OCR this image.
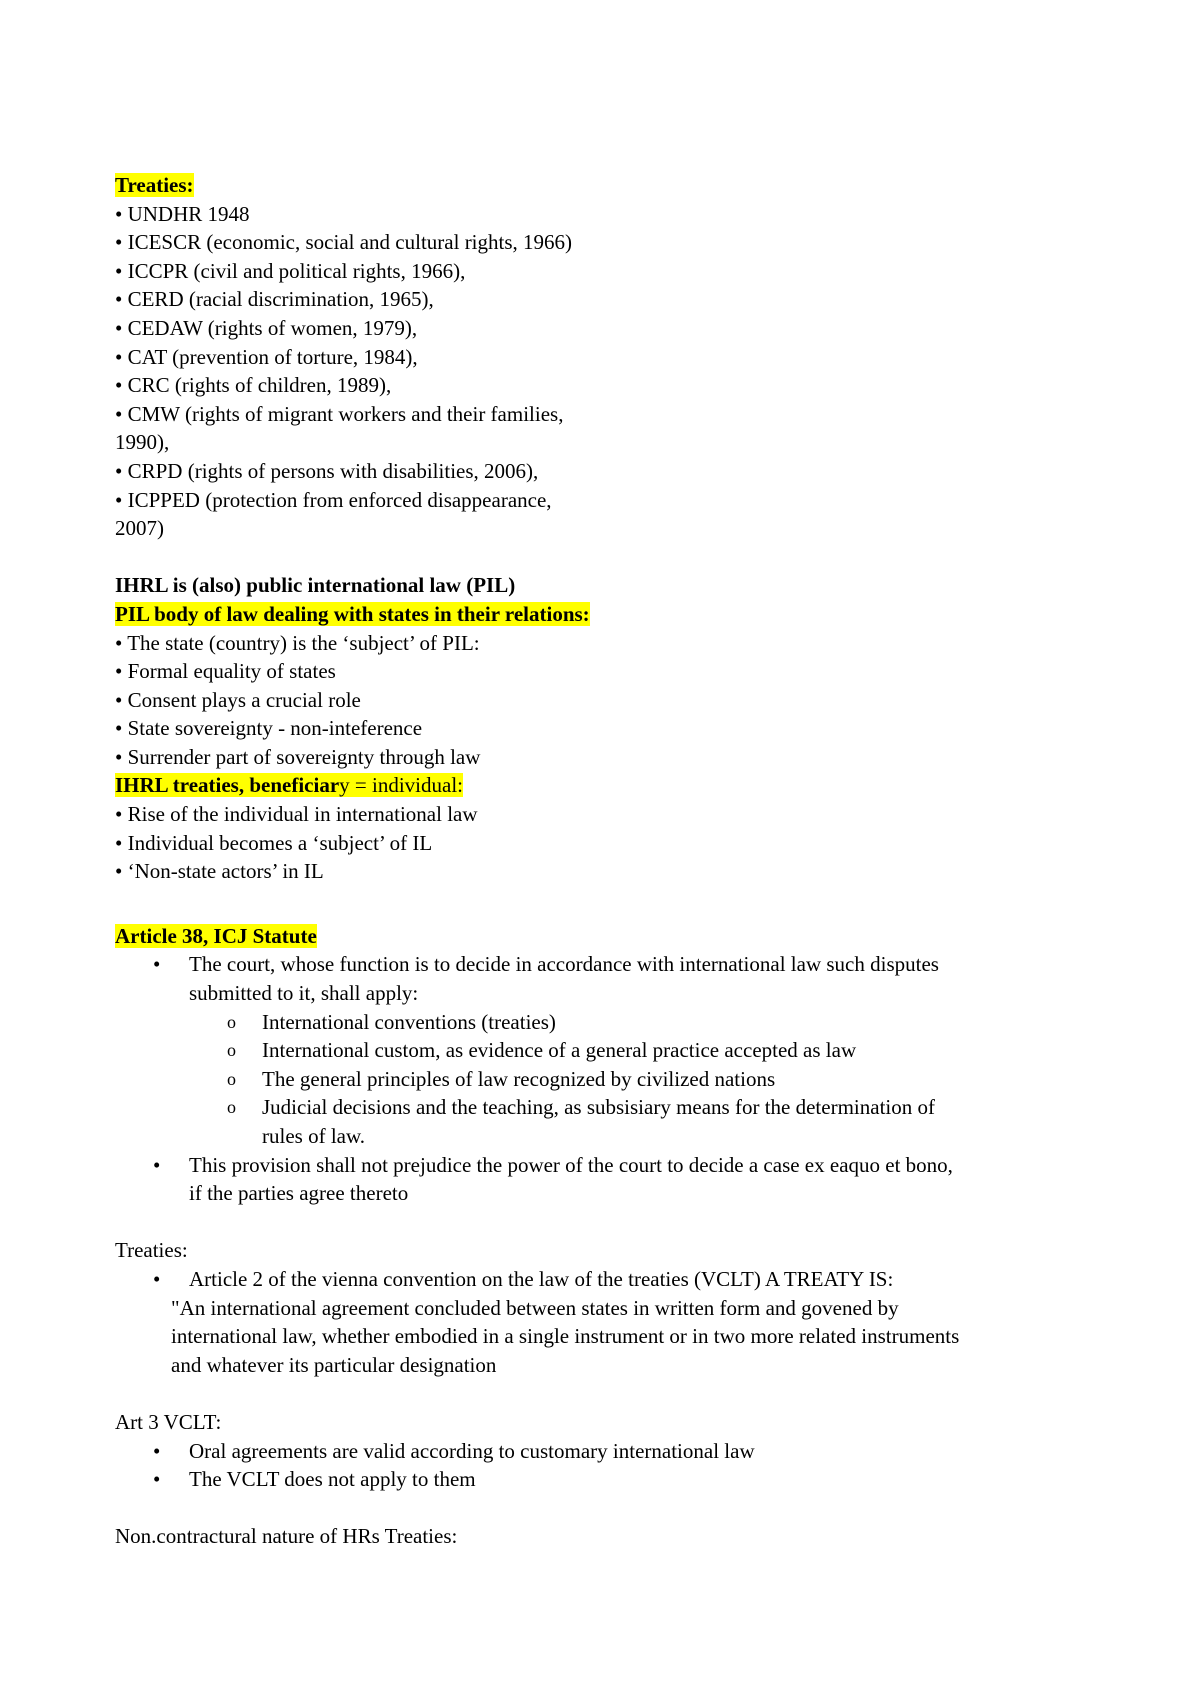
Treaties:
• UNDHR 1948
• ICESCR (economic, social and cultural rights, 1966)
• ICCPR (civil and political rights, 1966),
• CERD (racial discrimination, 1965),
• CEDAW (rights of women, 1979),
• CAT (prevention of torture, 1984),
• CRC (rights of children, 1989),
• CMW (rights of migrant workers and their families,
1990),
• CRPD (rights of persons with disabilities, 2006),
• ICPPED (protection from enforced disappearance,
2007)
IHRL is (also) public international law (PIL)
PIL body of law dealing with states in their relations:
• The state (country) is the ‘subject’ of PIL:
• Formal equality of states
• Consent plays a crucial role
• State sovereignty - non-inteference
• Surrender part of sovereignty through law
IHRL treaties, beneficiary = individual:
• Rise of the individual in international law
• Individual becomes a ‘subject’ of IL
• ‘Non-state actors’ in IL
Article 38, ICJ Statute
• The court, whose function is to decide in accordance with international law such disputes
submitted to it, shall apply:
o International conventions (treaties)
o International custom, as evidence of a general practice accepted as law
o The general principles of law recognized by civilized nations
o Judicial decisions and the teaching, as subsisiary means for the determination of
rules of law.
• This provision shall not prejudice the power of the court to decide a case ex eaquo et bono,
if the parties agree thereto
Treaties:
• Article 2 of the vienna convention on the law of the treaties (VCLT) A TREATY IS:
"An international agreement concluded between states in written form and govened by
international law, whether embodied in a single instrument or in two more related instruments
and whatever its particular designation
Art 3 VCLT:
• Oral agreements are valid according to customary international law
• The VCLT does not apply to them
Non.contractural nature of HRs Treaties:
